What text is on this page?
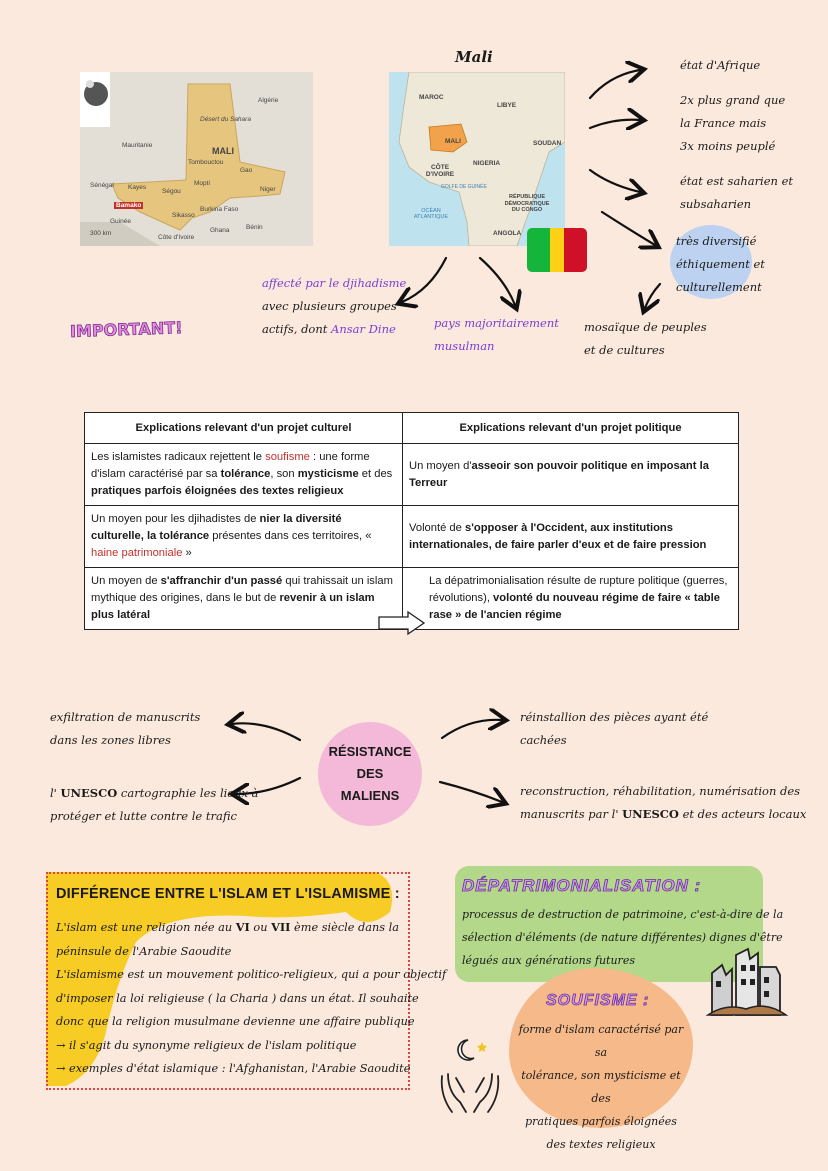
Mali
Algérie
Désert du Sahara
Mauritanie
MALI
Tombouctou
Gao
Mopti
Sénégal Kayes
Ségou	Niger
Bamako
Sikasso
Guinée
Burkina Faso
Bénin
Ghana
Côte d'Ivoire
300 km
MAROC
LIBYE
MALI	SOUDAN
CÔTE D'IVOIRE
NIGERIA
GOLFE DE GUINÉE
OCÉAN ATLANTIQUE
RÉPUBLIQUE DÉMOCRATIQUE DU CONGO
ANGOLA
état d'Afrique
2x plus grand que
la France mais
3x moins peuplé
état est saharien et
subsaharien
très diversifié
éthiquement et
culturellement
mosaïque de peuples
et de cultures
affecté par le djihadisme
avec plusieurs groupes
actifs, dont Ansar Dine	pays majoritairement
musulman
IMPORTANT!
Explications relevant d'un projet culturel	Explications relevant d'un projet politique
Les islamistes radicaux rejettent le soufisme : une forme d'islam caractérisé par sa tolérance, son mysticisme et des pratiques parfois éloignées des textes religieux	Un moyen d'asseoir son pouvoir politique en imposant la Terreur
Un moyen pour les djihadistes de nier la diversité culturelle, la tolérance présentes dans ces territoires, « haine patrimoniale »	Volonté de s'opposer à l'Occident, aux institutions internationales, de faire parler d'eux et de faire pression
Un moyen de s'affranchir d'un passé qui trahissait un islam mythique des origines, dans le but de revenir à un islam plus latéral	La dépatrimonialisation résulte de rupture politique (guerres, révolutions), volonté du nouveau régime de faire « table rase » de l'ancien régime
RÉSISTANCE
DES
MALIENS
exfiltration de manuscrits
dans les zones libres
l' UNESCO cartographie les lieux à
protéger et lutte contre le trafic
réinstallion des pièces ayant été
cachées
reconstruction, réhabilitation, numérisation des
manuscrits par l' UNESCO et des acteurs locaux
DIFFÉRENCE ENTRE L'ISLAM ET L'ISLAMISME :
L'islam est une religion née au VI ou VII ème siècle dans la
péninsule de l'Arabie Saoudite
L'islamisme est un mouvement politico-religieux, qui a pour objectif
d'imposer la loi religieuse ( la Charia ) dans un état. Il souhaite
donc que la religion musulmane devienne une affaire publique
→ il s'agit du synonyme religieux de l'islam politique
→ exemples d'état islamique : l'Afghanistan, l'Arabie Saoudite
DÉPATRIMONIALISATION :
processus de destruction de patrimoine, c'est-à-dire de la
sélection d'éléments (de nature différentes) dignes d'être
légués aux générations futures
SOUFISME :
forme d'islam caractérisé par sa
tolérance, son mysticisme et des
pratiques parfois éloignées
des textes religieux
